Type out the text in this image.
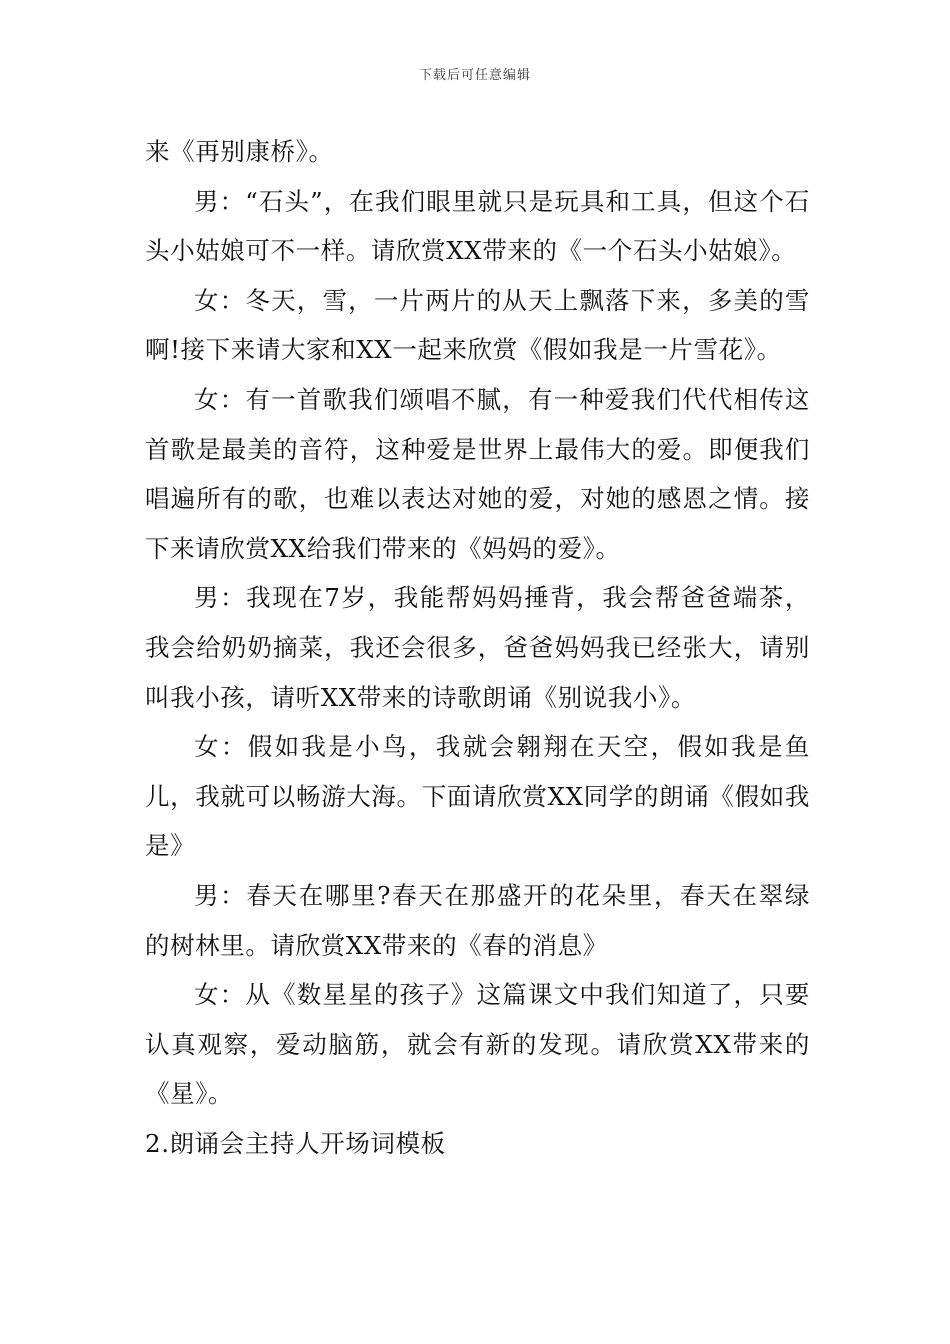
下载后可任意编辑

来《再别康桥》。

男：“石头”，在我们眼里就只是玩具和工具，但这个石头小姑娘可不一样。请欣赏XX带来的《一个石头小姑娘》。

女：冬天，雪，一片两片的从天上飘落下来，多美的雪啊!接下来请大家和XX一起来欣赏《假如我是一片雪花》。

女：有一首歌我们颂唱不腻，有一种爱我们代代相传这首歌是最美的音符，这种爱是世界上最伟大的爱。即便我们唱遍所有的歌，也难以表达对她的爱，对她的感恩之情。接下来请欣赏XX给我们带来的《妈妈的爱》。

男：我现在7岁，我能帮妈妈捶背，我会帮爸爸端茶，我会给奶奶摘菜，我还会很多，爸爸妈妈我已经张大，请别叫我小孩，请听XX带来的诗歌朗诵《别说我小》。

女：假如我是小鸟，我就会翱翔在天空，假如我是鱼儿，我就可以畅游大海。下面请欣赏XX同学的朗诵《假如我是》

男：春天在哪里?春天在那盛开的花朵里，春天在翠绿的树林里。请欣赏XX带来的《春的消息》

女：从《数星星的孩子》这篇课文中我们知道了，只要认真观察，爱动脑筋，就会有新的发现。请欣赏XX带来的《星》。

2.朗诵会主持人开场词模板
